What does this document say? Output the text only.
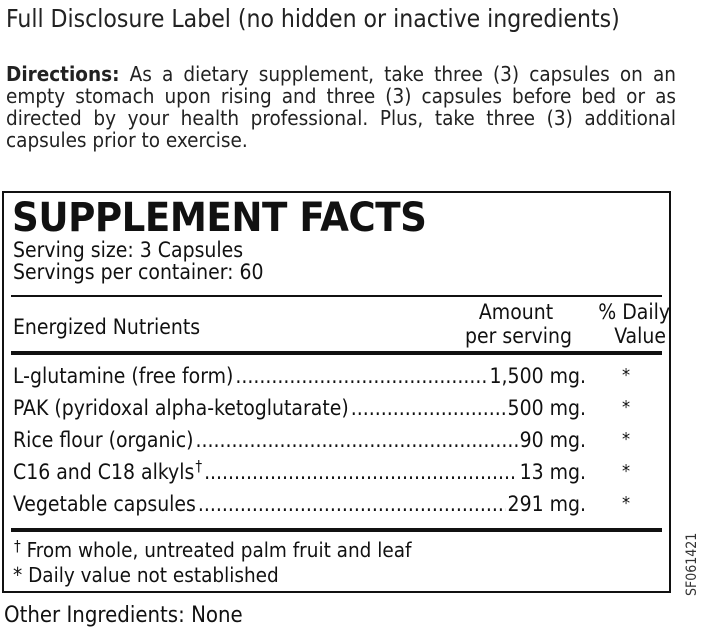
Full Disclosure Label (no hidden or inactive ingredients)
Directions: As a dietary supplement, take three (3) capsules on an empty stomach upon rising and three (3) capsules before bed or as directed by your health professional. Plus, take three (3) additional capsules prior to exercise.
SUPPLEMENT FACTS
Serving size: 3 Capsules
Servings per container: 60
Energized Nutrients
Amount
per serving
% Daily
Value
L-glutamine (free form) .....	1,500 mg.	*
PAK (pyridoxal alpha-ketoglutarate) .....	500 mg.	*
Rice flour (organic) .....	90 mg.	*
C16 and C18 alkyls † .....	13 mg.	*
Vegetable capsules .....	291 mg.	*
† From whole, untreated palm fruit and leaf
* Daily value not established
Other Ingredients: None
SF061421
